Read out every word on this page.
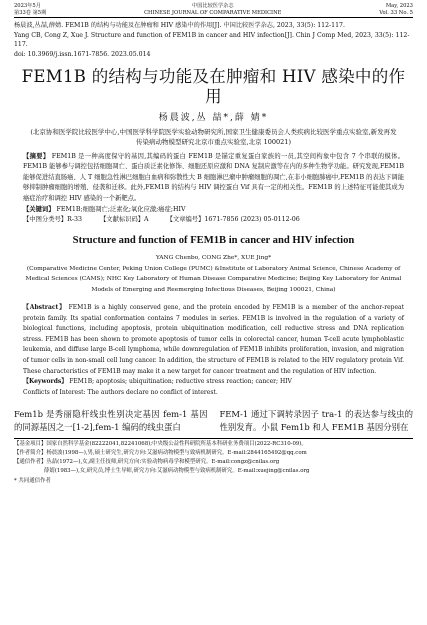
2023年5月
第33卷 第5期
中国比较医学杂志
CHINESE JOURNAL OF COMPARATIVE MEDICINE
May, 2023
Vol. 33 No. 5
杨晨波,丛喆,薛婧. FEM1B 的结构与功能及在肿瘤和 HIV 感染中的作用[J]. 中国比较医学杂志, 2023, 33(5): 112-117.
Yang CB, Cong Z, Xue J. Structure and function of FEM1B in cancer and HIV infection[J]. Chin J Comp Med, 2023, 33(5): 112-117.
doi: 10.3969/j.issn.1671-7856. 2023.05.014
FEM1B 的结构与功能及在肿瘤和 HIV 感染中的作用
杨晨波,丛 喆*,薛 婧*
(北京协和医学院比较医学中心,中国医学科学院医学实验动物研究所,国家卫生健康委员会人类疾病比较医学重点实验室,新发再发传染病动物模型研究北京市重点实验室,北京 100021)
【摘要】 FEM1B 是一种高度保守的基因,其编码的蛋白 FEM1B 是锚定重复蛋白家族的一员,其空间构象中包含 7 个串联的模体。FEM1B 能够参与调控包括细胞凋亡、蛋白质泛素化修饰、细胞还原应激和 DNA 复制应激等在内的多种生物学功能。研究发现,FEM1B 能够促进结直肠癌、人 T 细胞急性淋巴细胞白血病和弥散性大 B 细胞淋巴瘤中肿瘤细胞的凋亡,在非小细胞肺癌中,FEM1B 的表达下调能够抑制肿瘤细胞的增殖、侵袭和迁移。此外,FEM1B 的结构与 HIV 调控蛋白 Vif 具有一定的相关性。FEM1B 的上述特征可能使其成为癌症治疗和调控 HIV 感染的一个新靶点。
【关键词】 FEM1B;细胞凋亡;泛素化;氧化应激;癌症;HIV
【中图分类号】R-33	【文献标识码】A	【文章编号】1671-7856 (2023) 05-0112-06
Structure and function of FEM1B in cancer and HIV infection
YANG Chenbo, CONG Zhe*, XUE Jing*
(Comparative Medicine Center, Peking Union College (PUMC) &Institute of Laboratory Animal Science, Chinese Academy of Medical Sciences (CAMS); NHC Key Laboratory of Human Disease Comparative Medicine; Beijing Key Laboratory for Animal Models of Emerging and Reemerging Infectious Diseases, Beijing 100021, China)
【Abstract】 FEM1B is a highly conserved gene, and the protein encoded by FEM1B is a member of the anchor-repeat protein family. Its spatial conformation contains 7 modules in series. FEM1B is involved in the regulation of a variety of biological functions, including apoptosis, protein ubiquitination modification, cell reductive stress and DNA replication stress. FEM1B has been shown to promote apoptosis of tumor cells in colorectal cancer, human T-cell acute lymphoblastic leukemia, and diffuse large B-cell lymphoma, while downregulation of FEM1B inhibits proliferation, invasion, and migration of tumor cells in non-small cell lung cancer. In addition, the structure of FEM1B is related to the HIV regulatory protein Vif. These characteristics of FEM1B may make it a new target for cancer treatment and the regulation of HIV infection.
【Keywords】 FEM1B; apoptosis; ubiquitination; reductive stress reaction; cancer; HIV
Conflicts of Interest: The authors declare no conflict of interest.
Fem1b 是秀丽隐杆线虫性别决定基因 fem-1 基因的同源基因之一[1-2],fem-1 编码的线虫蛋白
FEM-1 通过下调转录因子 tra-1 的表达参与线虫的性别发育。小鼠 Fem1b 和人 FEM1B 基因分别在
【基金项目】国家自然科学基金(82222041,82241068);中央级公益性科研院所基本科研业务费项目(2022-RC310-09)。
【作者简介】杨晨波(1998—),男,硕士研究生,研究方向:艾滋病动物模型与致病机制研究。E-mail:2844165492@qq.com
【通信作者】丛喆(1972—),女,副主任技师,研究方向:实验动物病毒学和模型研究。E-mail:congz@cnilas.org
薛婧(1983—),女,研究员,博士生导师,研究方向:艾滋病动物模型与致病机制研究。E-mail:xuejing@cnilas.org
* 共同通信作者
